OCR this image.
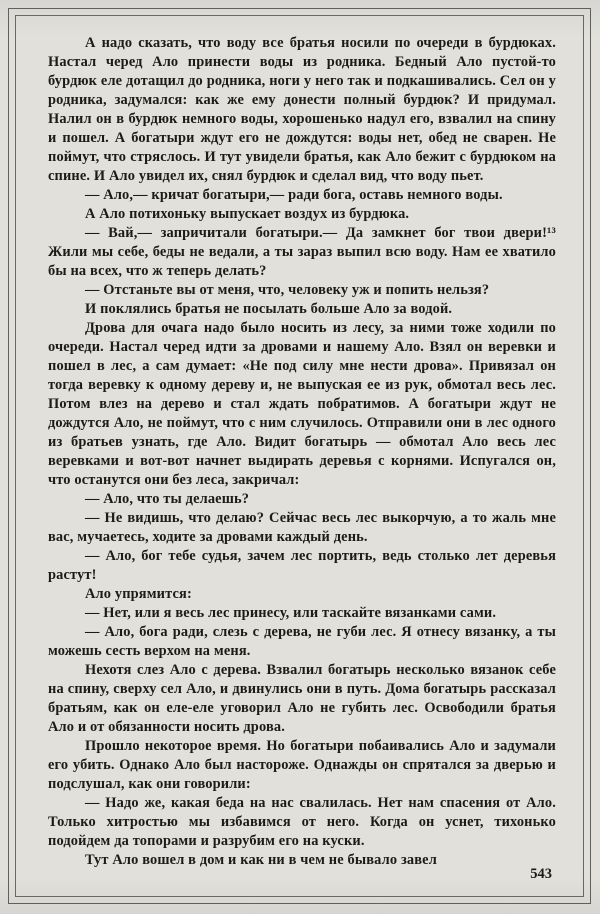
А надо сказать, что воду все братья носили по очереди в бурдюках. Настал черед Ало принести воды из родника. Бедный Ало пустой-то бурдюк еле дотащил до родника, ноги у него так и подкашивались. Сел он у родника, задумался: как же ему донести полный бурдюк? И придумал. Налил он в бурдюк немного воды, хорошенько надул его, взвалил на спину и пошел. А богатыри ждут его не дождутся: воды нет, обед не сварен. Не поймут, что стряслось. И тут увидели братья, как Ало бежит с бурдюком на спине. И Ало увидел их, снял бурдюк и сделал вид, что воду пьет.

— Ало,— кричат богатыри,— ради бога, оставь немного воды.

А Ало потихоньку выпускает воздух из бурдюка.

— Вай,— запричитали богатыри.— Да замкнет бог твои двери!¹³ Жили мы себе, беды не ведали, а ты зараз выпил всю воду. Нам ее хватило бы на всех, что ж теперь делать?

— Отстаньте вы от меня, что, человеку уж и попить нельзя?

И поклялись братья не посылать больше Ало за водой.

Дрова для очага надо было носить из лесу, за ними тоже ходили по очереди. Настал черед идти за дровами и нашему Ало. Взял он веревки и пошел в лес, а сам думает: «Не под силу мне нести дрова». Привязал он тогда веревку к одному дереву и, не выпуская ее из рук, обмотал весь лес. Потом влез на дерево и стал ждать побратимов. А богатыри ждут не дождутся Ало, не поймут, что с ним случилось. Отправили они в лес одного из братьев узнать, где Ало. Видит богатырь — обмотал Ало весь лес веревками и вот-вот начнет выдирать деревья с корнями. Испугался он, что останутся они без леса, закричал:

— Ало, что ты делаешь?

— Не видишь, что делаю? Сейчас весь лес выкорчую, а то жаль мне вас, мучаетесь, ходите за дровами каждый день.

— Ало, бог тебе судья, зачем лес портить, ведь столько лет деревья растут!

Ало упрямится:

— Нет, или я весь лес принесу, или таскайте вязанками сами.

— Ало, бога ради, слезь с дерева, не губи лес. Я отнесу вязанку, а ты можешь сесть верхом на меня.

Нехотя слез Ало с дерева. Взвалил богатырь несколько вязанок себе на спину, сверху сел Ало, и двинулись они в путь. Дома богатырь рассказал братьям, как он еле-еле уговорил Ало не губить лес. Освободили братья Ало и от обязанности носить дрова.

Прошло некоторое время. Но богатыри побаивались Ало и задумали его убить. Однако Ало был настороже. Однажды он спрятался за дверью и подслушал, как они говорили:

— Надо же, какая беда на нас свалилась. Нет нам спасения от Ало. Только хитростью мы избавимся от него. Когда он уснет, тихонько подойдем да топорами и разрубим его на куски.

Тут Ало вошел в дом и как ни в чем не бывало завел

543
